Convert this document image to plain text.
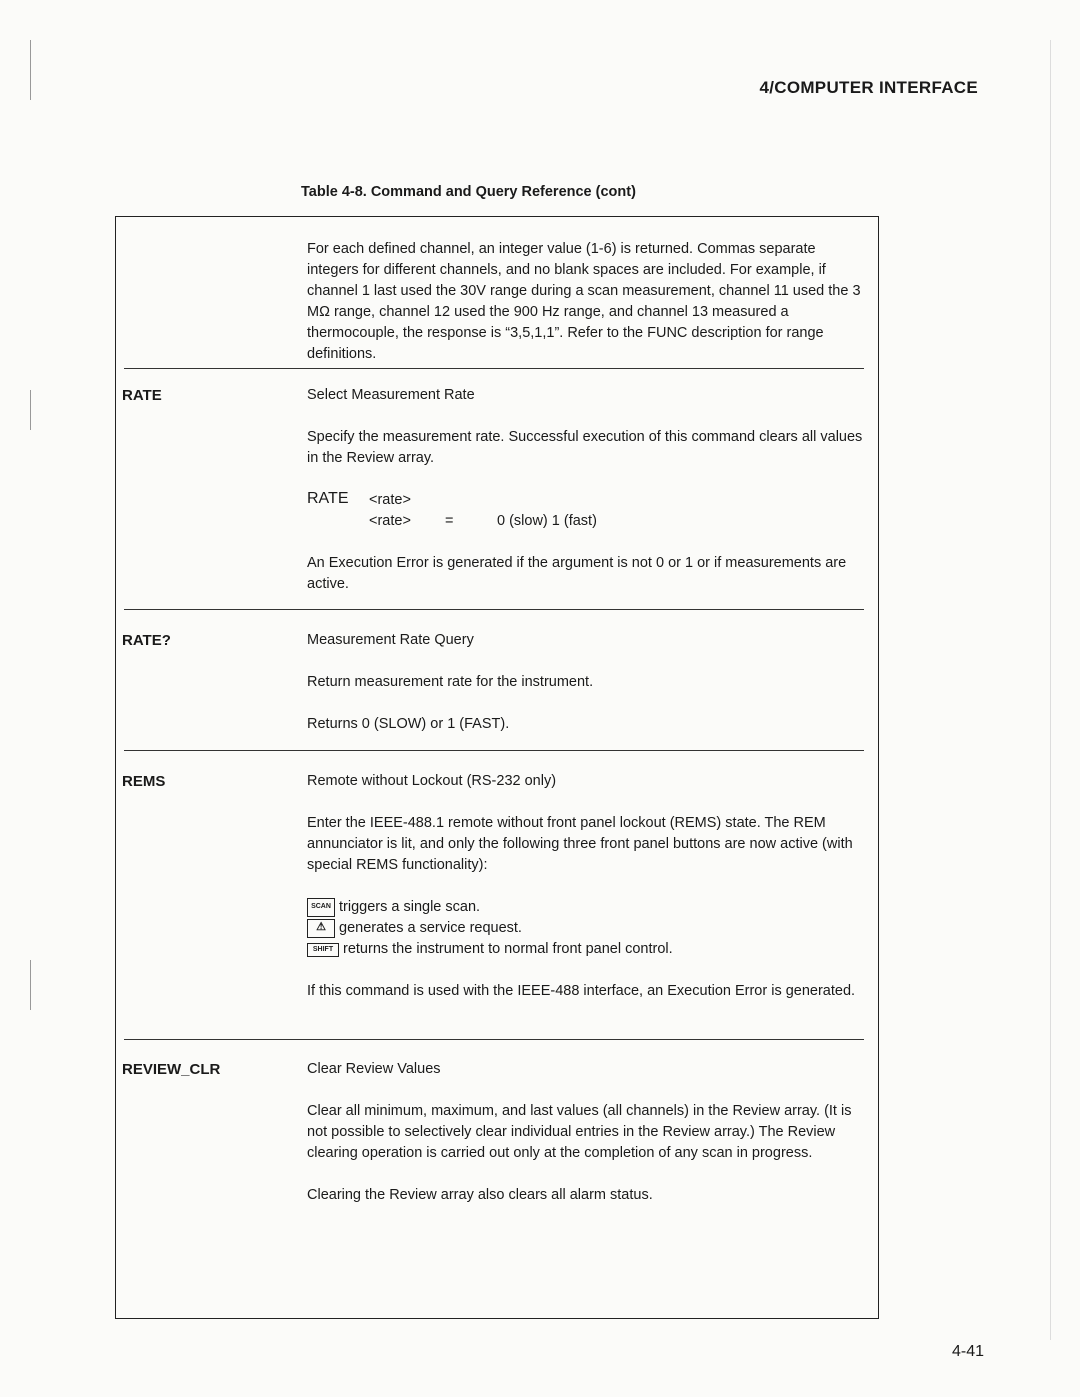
4/COMPUTER INTERFACE
Table 4-8. Command and Query Reference (cont)

For each defined channel, an integer value (1-6) is returned. Commas separate integers for different channels, and no blank spaces are included. For example, if channel 1 last used the 30V range during a scan measurement, channel 11 used the 3 MΩ range, channel 12 used the 900 Hz range, and channel 13 measured a thermocouple, the response is “3,5,1,1”. Refer to the FUNC description for range definitions.

RATE	Select Measurement Rate

Specify the measurement rate. Successful execution of this command clears all values in the Review array.

RATE <rate>
<rate> =	0 (slow) 1 (fast)

An Execution Error is generated if the argument is not 0 or 1 or if measurements are active.

RATE?	Measurement Rate Query

Return measurement rate for the instrument.

Returns 0 (SLOW) or 1 (FAST).

REMS	Remote without Lockout (RS-232 only)

Enter the IEEE-488.1 remote without front panel lockout (REMS) state. The REM annunciator is lit, and only the following three front panel buttons are now active (with special REMS functionality):

SCAN triggers a single scan.
⚠ generates a service request.
SHIFT returns the instrument to normal front panel control.

If this command is used with the IEEE-488 interface, an Execution Error is generated.

REVIEW_CLR	Clear Review Values

Clear all minimum, maximum, and last values (all channels) in the Review array. (It is not possible to selectively clear individual entries in the Review array.) The Review clearing operation is carried out only at the completion of any scan in progress.

Clearing the Review array also clears all alarm status.

4-41
